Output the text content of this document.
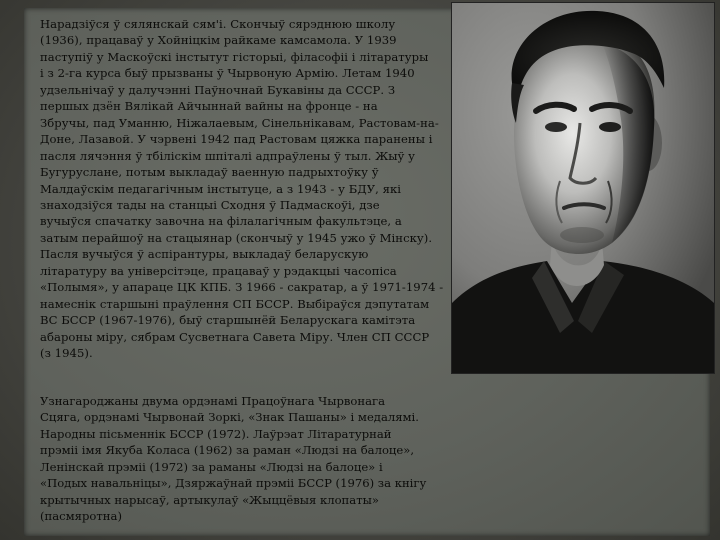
Нарадзіўся ў сялянскай сям'і. Скончыў сярэднюю школу
(1936), працаваў у Хойніцкім райкаме камсамола. У 1939
паступіў у Маскоўскі інстытут гісторыі, філасофіі і літаратуры
і з 2-га курса быў прызваны ў Чырвоную Армію. Летам 1940
удзельнічаў у далучэнні Паўночнай Букавіны да СССР. З
першых дзён Вялікай Айчыннай вайны на фронце - на
Збручы, пад Уманню, Ніжалаевым, Сінельнікавам, Растовам-на-
Доне, Лазавой. У чэрвені 1942 пад Растовам цяжка паранены і
пасля лячэння ў тбіліскім шпіталі адпраўлены ў тыл. Жыў у
Бугуруслане, потым выкладаў ваенную падрыхтоўку ў
Малдаўскім педагагічным інстытуце, а з 1943 - у БДУ, які
знаходзіўся тады на станцыі Сходня ў Падмаскоўі, дзе
вучыўся спачатку завочна на філалагічным факультэце, а
затым перайшоў на стацыянар (скончыў у 1945 ужо ў Мінску).
Пасля вучыўся ў аспірантуры, выкладаў беларускую
літаратуру ва універсітэце, працаваў у рэдакцыі часопіса
«Полымя», у апараце ЦК КПБ. З 1966 - сакратар, а ў 1971-1974 -
намеснік старшыні праўлення СП БССР. Выбіраўся дэпутатам
ВС БССР (1967-1976), быў старшынёй Беларускага камітэта
абароны міру, сябрам Сусветнага Савета Міру. Член СП СССР
(з 1945).
Узнагароджаны двума ордэнамі Працоўнага Чырвонага
Сцяга, ордэнамі Чырвонай Зоркі, «Знак Пашаны» і медалямі.
Народны пісьменнік БССР (1972). Лаўрэат Літаратурнай
прэміі імя Якуба Коласа (1962) за раман «Людзі на балоце»,
Ленінскай прэміі (1972) за раманы «Людзі на балоце» і
«Подых навальніцы», Дзяржаўнай прэміі БССР (1976) за кнігу
крытычных нарысаў, артыкулаў «Жыццёвыя клопаты»
(пасмяротна)
